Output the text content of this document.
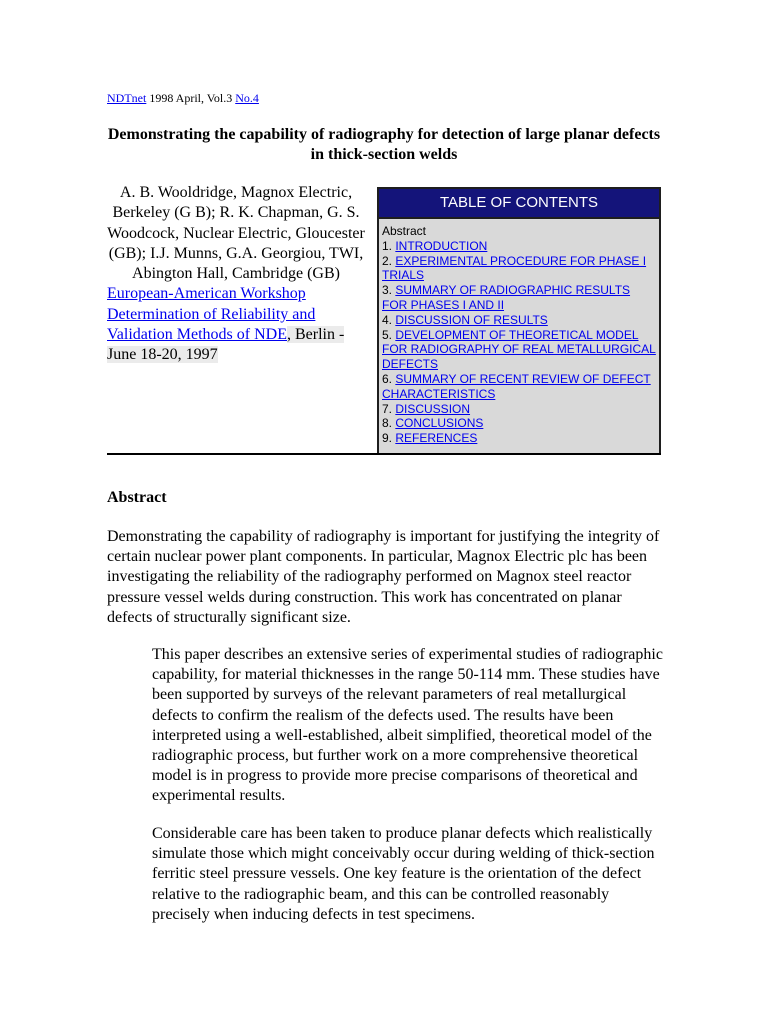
NDTnet 1998 April, Vol.3 No.4
Demonstrating the capability of radiography for detection of large planar defects in thick-section welds
A. B. Wooldridge, Magnox Electric, Berkeley (G B); R. K. Chapman, G. S. Woodcock, Nuclear Electric, Gloucester (GB); I.J. Munns, G.A. Georgiou, TWI, Abington Hall, Cambridge (GB)
European-American Workshop Determination of Reliability and Validation Methods of NDE, Berlin - June 18-20, 1997
TABLE OF CONTENTS
Abstract
1. INTRODUCTION
2. EXPERIMENTAL PROCEDURE FOR PHASE I TRIALS
3. SUMMARY OF RADIOGRAPHIC RESULTS FOR PHASES I AND II
4. DISCUSSION OF RESULTS
5. DEVELOPMENT OF THEORETICAL MODEL FOR RADIOGRAPHY OF REAL METALLURGICAL DEFECTS
6. SUMMARY OF RECENT REVIEW OF DEFECT CHARACTERISTICS
7. DISCUSSION
8. CONCLUSIONS
9. REFERENCES
Abstract

Demonstrating the capability of radiography is important for justifying the integrity of certain nuclear power plant components. In particular, Magnox Electric plc has been investigating the reliability of the radiography performed on Magnox steel reactor pressure vessel welds during construction. This work has concentrated on planar defects of structurally significant size.

This paper describes an extensive series of experimental studies of radiographic capability, for material thicknesses in the range 50-114 mm. These studies have been supported by surveys of the relevant parameters of real metallurgical defects to confirm the realism of the defects used. The results have been interpreted using a well-established, albeit simplified, theoretical model of the radiographic process, but further work on a more comprehensive theoretical model is in progress to provide more precise comparisons of theoretical and experimental results.

Considerable care has been taken to produce planar defects which realistically simulate those which might conceivably occur during welding of thick-section ferritic steel pressure vessels. One key feature is the orientation of the defect relative to the radiographic beam, and this can be controlled reasonably precisely when inducing defects in test specimens.
